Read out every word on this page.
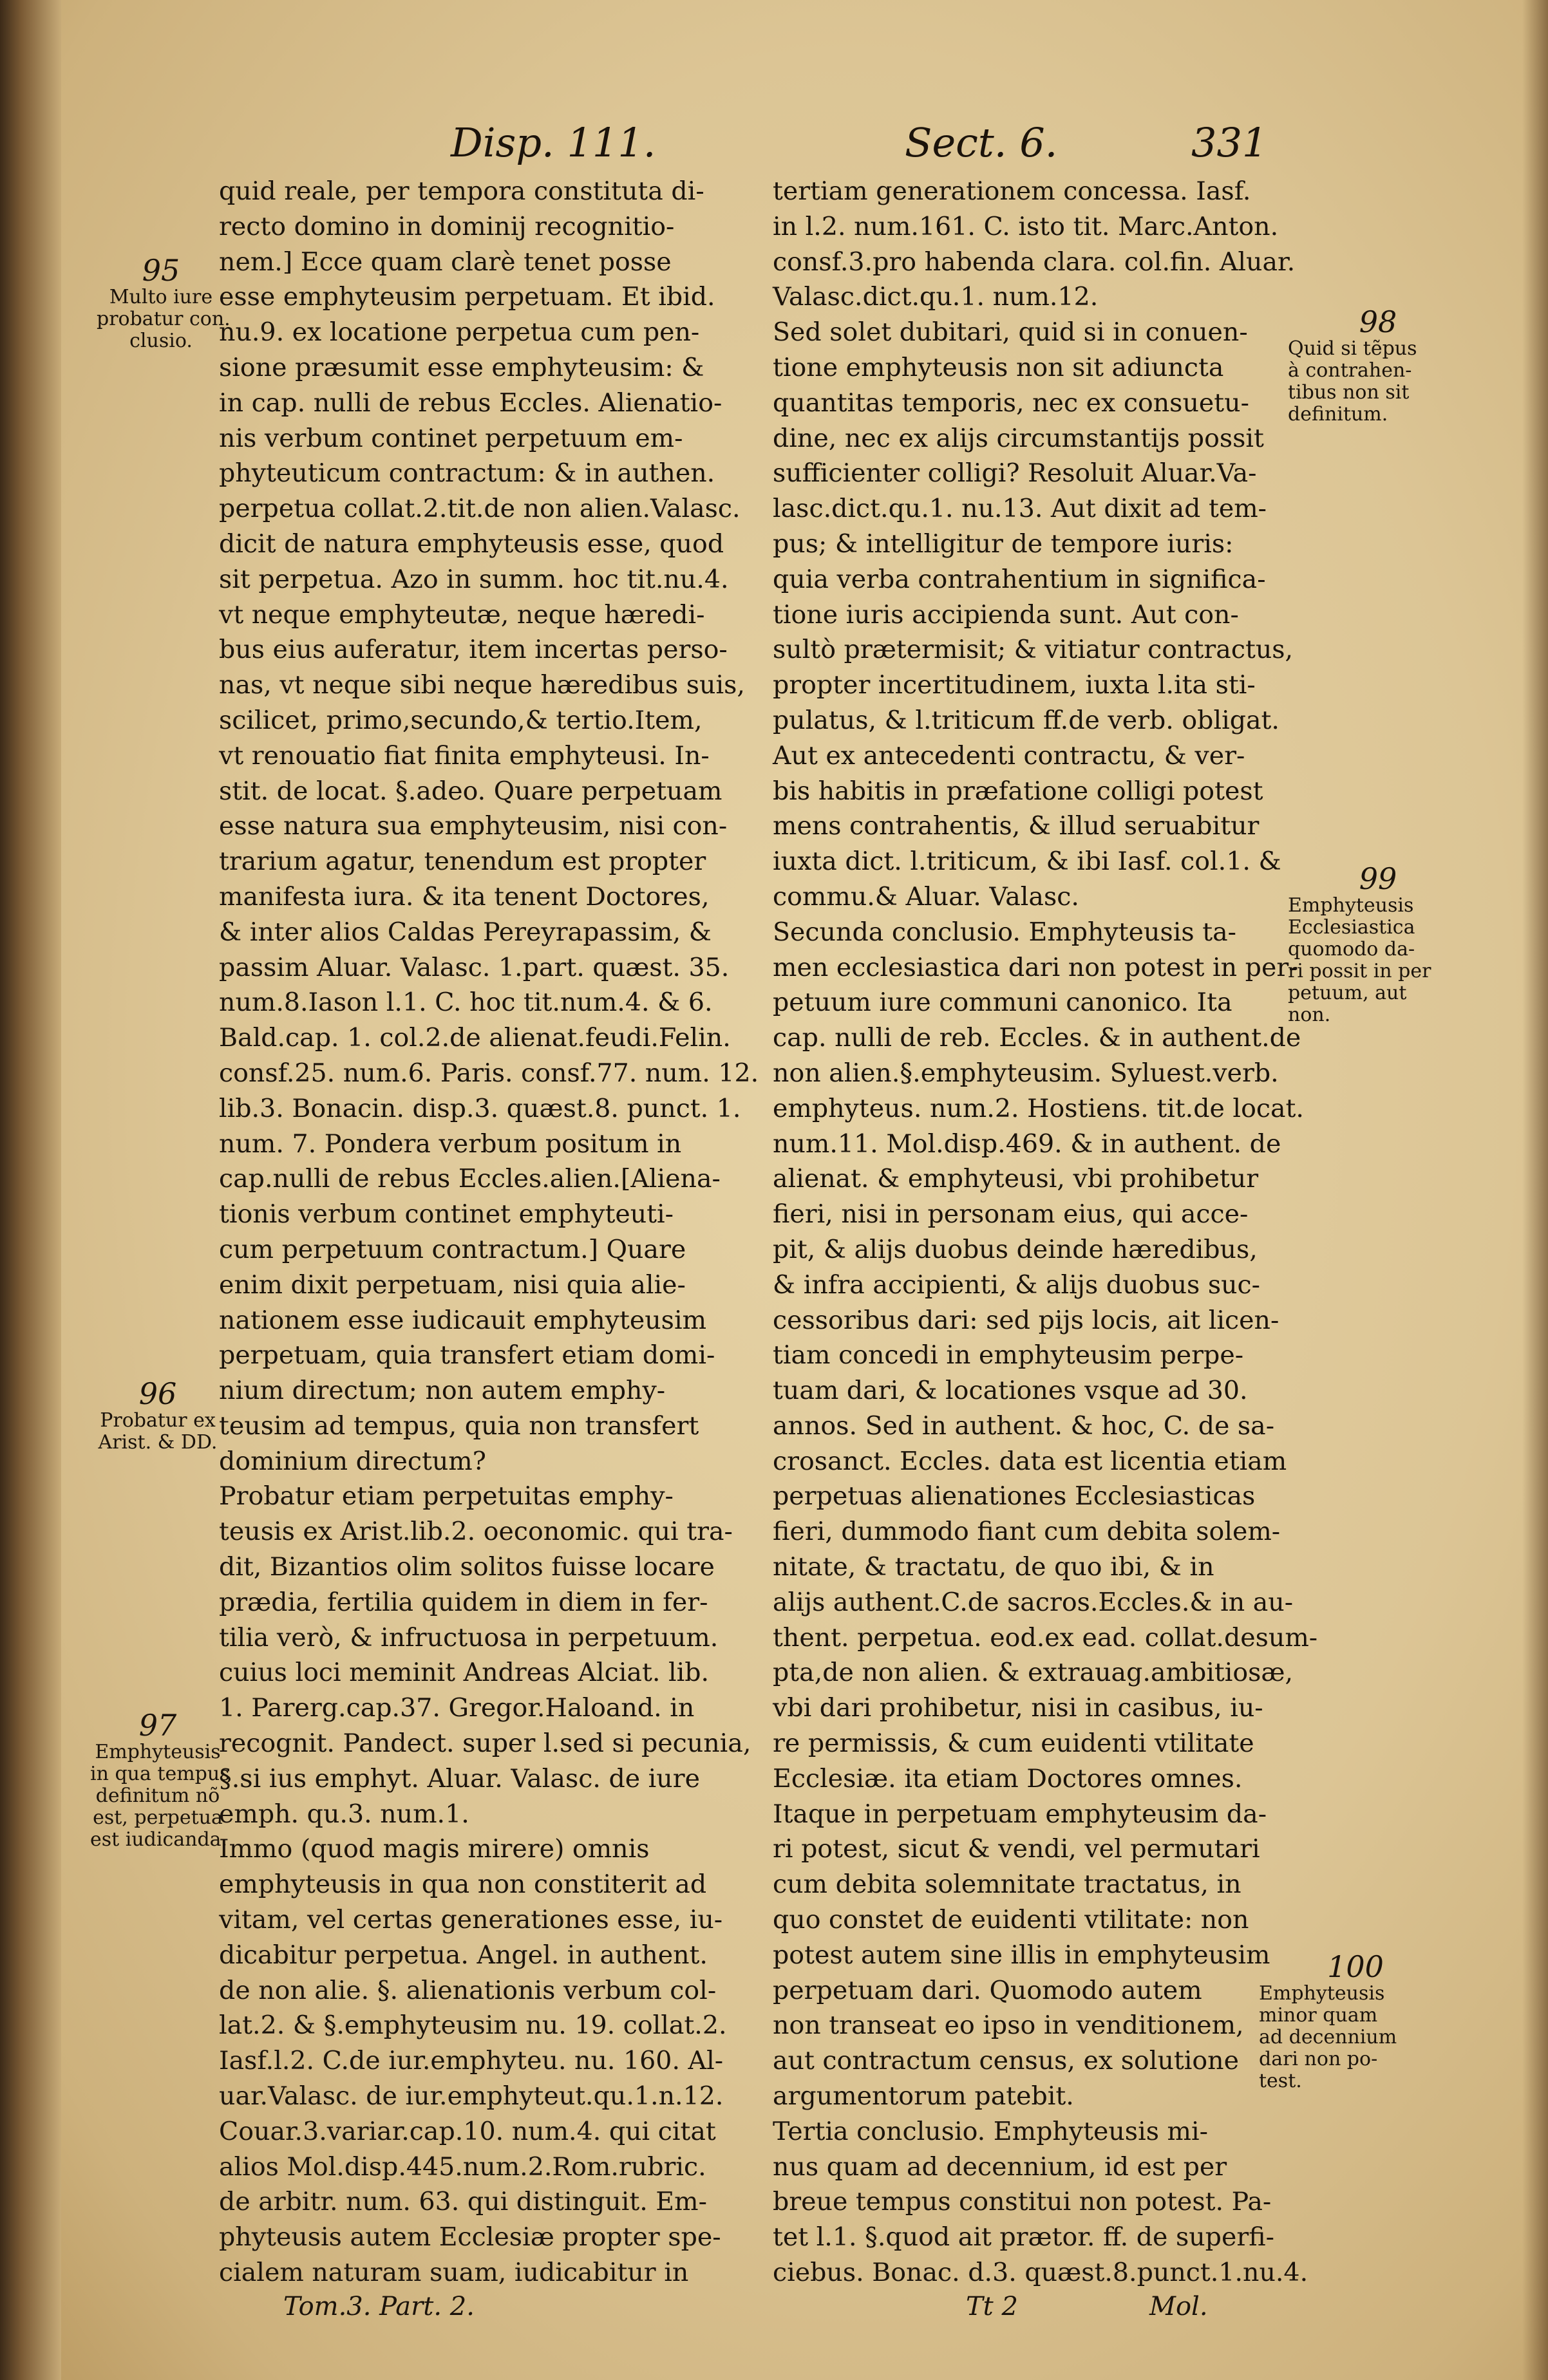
Disp. 111.	Sect. 6.	331
quid reale, per tempora constituta di-
recto domino in dominij recognitio-
nem.] Ecce quam clarè tenet posse
esse emphyteusim perpetuam. Et ibid.
nu.9. ex locatione perpetua cum pen-
sione præsumit esse emphyteusim: &
in cap. nulli de rebus Eccles. Alienatio-
nis verbum continet perpetuum em-
phyteuticum contractum: & in authen.
perpetua collat.2.tit.de non alien.Valasc.
dicit de natura emphyteusis esse, quod
sit perpetua. Azo in summ. hoc tit.nu.4.
vt neque emphyteutæ, neque hæredi-
bus eius auferatur, item incertas perso-
nas, vt neque sibi neque hæredibus suis,
scilicet, primo,secundo,& tertio.Item,
vt renouatio fiat finita emphyteusi. In-
stit. de locat. §.adeo. Quare perpetuam
esse natura sua emphyteusim, nisi con-
trarium agatur, tenendum est propter
manifesta iura. & ita tenent Doctores,
& inter alios Caldas Pereyrapassim, &
passim Aluar. Valasc. 1.part. quæst. 35.
num.8.Iason l.1. C. hoc tit.num.4. & 6.
Bald.cap. 1. col.2.de alienat.feudi.Felin.
consf.25. num.6. Paris. consf.77. num. 12.
lib.3. Bonacin. disp.3. quæst.8. punct. 1.
num. 7. Pondera verbum positum in
cap.nulli de rebus Eccles.alien.[Aliena-
tionis verbum continet emphyteuti-
cum perpetuum contractum.] Quare
enim dixit perpetuam, nisi quia alie-
nationem esse iudicauit emphyteusim
perpetuam, quia transfert etiam domi-
nium directum; non autem emphy-
teusim ad tempus, quia non transfert
dominium directum?
Probatur etiam perpetuitas emphy-
teusis ex Arist.lib.2. oeconomic. qui tra-
dit, Bizantios olim solitos fuisse locare
prædia, fertilia quidem in diem in fer-
tilia verò, & infructuosa in perpetuum.
cuius loci meminit Andreas Alciat. lib.
1. Parerg.cap.37. Gregor.Haloand. in
recognit. Pandect. super l.sed si pecunia,
§.si ius emphyt. Aluar. Valasc. de iure
emph. qu.3. num.1.
Immo (quod magis mirere) omnis
emphyteusis in qua non constiterit ad
vitam, vel certas generationes esse, iu-
dicabitur perpetua. Angel. in authent.
de non alie. §. alienationis verbum col-
lat.2. & §.emphyteusim nu. 19. collat.2.
Iasf.l.2. C.de iur.emphyteu. nu. 160. Al-
uar.Valasc. de iur.emphyteut.qu.1.n.12.
Couar.3.variar.cap.10. num.4. qui citat
alios Mol.disp.445.num.2.Rom.rubric.
de arbitr. num. 63. qui distinguit. Em-
phyteusis autem Ecclesiæ propter spe-
cialem naturam suam, iudicabitur in
tertiam generationem concessa. Iasf.
in l.2. num.161. C. isto tit. Marc.Anton.
consf.3.pro habenda clara. col.fin. Aluar.
Valasc.dict.qu.1. num.12.
Sed solet dubitari, quid si in conuen-
tione emphyteusis non sit adiuncta
quantitas temporis, nec ex consuetu-
dine, nec ex alijs circumstantijs possit
sufficienter colligi? Resoluit Aluar.Va-
lasc.dict.qu.1. nu.13. Aut dixit ad tem-
pus; & intelligitur de tempore iuris:
quia verba contrahentium in significa-
tione iuris accipienda sunt. Aut con-
sultò prætermisit; & vitiatur contractus,
propter incertitudinem, iuxta l.ita sti-
pulatus, & l.triticum ff.de verb. obligat.
Aut ex antecedenti contractu, & ver-
bis habitis in præfatione colligi potest
mens contrahentis, & illud seruabitur
iuxta dict. l.triticum, & ibi Iasf. col.1. &
commu.& Aluar. Valasc.
Secunda conclusio. Emphyteusis ta-
men ecclesiastica dari non potest in per-
petuum iure communi canonico. Ita
cap. nulli de reb. Eccles. & in authent.de
non alien.§.emphyteusim. Syluest.verb.
emphyteus. num.2. Hostiens. tit.de locat.
num.11. Mol.disp.469. & in authent. de
alienat. & emphyteusi, vbi prohibetur
fieri, nisi in personam eius, qui acce-
pit, & alijs duobus deinde hæredibus,
& infra accipienti, & alijs duobus suc-
cessoribus dari: sed pijs locis, ait licen-
tiam concedi in emphyteusim perpe-
tuam dari, & locationes vsque ad 30.
annos. Sed in authent. & hoc, C. de sa-
crosanct. Eccles. data est licentia etiam
perpetuas alienationes Ecclesiasticas
fieri, dummodo fiant cum debita solem-
nitate, & tractatu, de quo ibi, & in
alijs authent.C.de sacros.Eccles.& in au-
thent. perpetua. eod.ex ead. collat.desum-
pta,de non alien. & extrauag.ambitiosæ,
vbi dari prohibetur, nisi in casibus, iu-
re permissis, & cum euidenti vtilitate
Ecclesiæ. ita etiam Doctores omnes.
Itaque in perpetuam emphyteusim da-
ri potest, sicut & vendi, vel permutari
cum debita solemnitate tractatus, in
quo constet de euidenti vtilitate: non
potest autem sine illis in emphyteusim
perpetuam dari. Quomodo autem
non transeat eo ipso in venditionem,
aut contractum census, ex solutione
argumentorum patebit.
Tertia conclusio. Emphyteusis mi-
nus quam ad decennium, id est per
breue tempus constitui non potest. Pa-
tet l.1. §.quod ait prætor. ff. de superfi-
ciebus. Bonac. d.3. quæst.8.punct.1.nu.4.
95
Multo iure
probatur con.
clusio.
96
Probatur ex
Arist. & DD.
97
Emphyteusis
in qua tempus
definitum nõ
est, perpetua
est iudicanda.
98
Quid si tẽpus
à contrahen-
tibus non sit
definitum.
99
Emphyteusis
Ecclesiastica
quomodo da-
ri possit in per
petuum, aut
non.
100
Emphyteusis
minor quam
ad decennium
dari non po-
test.
Tom.3. Part. 2.	Tt 2	Mol.
